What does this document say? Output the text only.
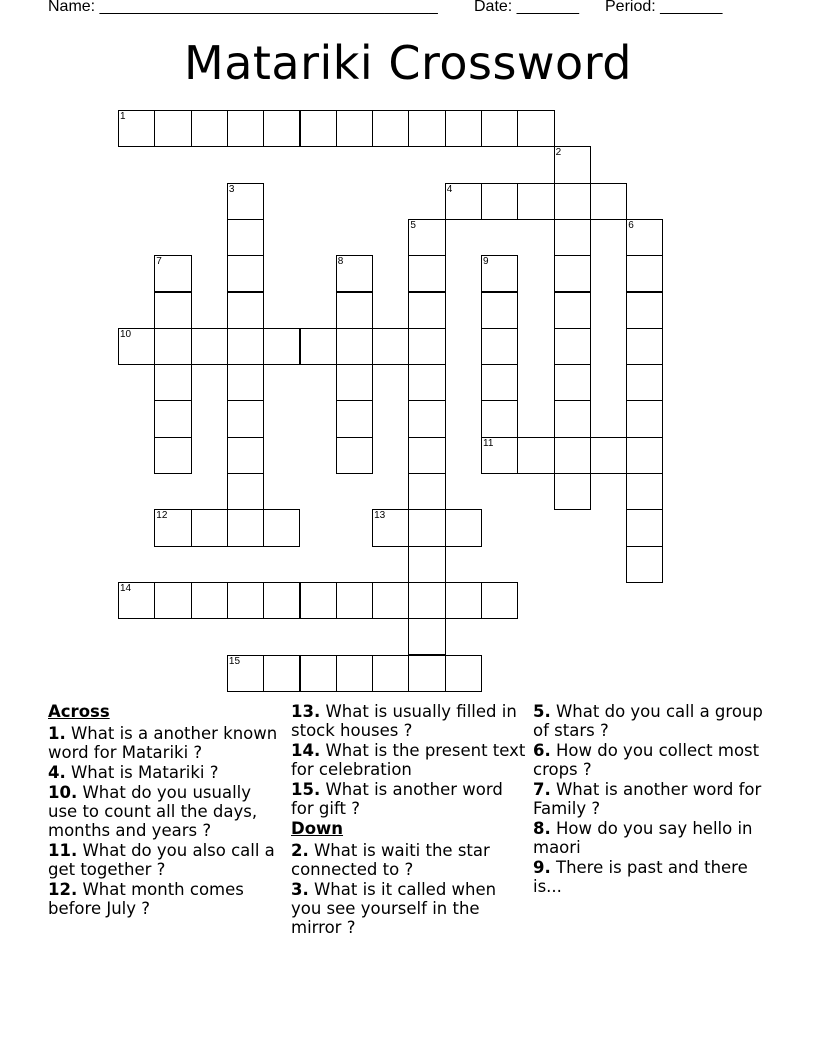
Name: ______________________________________ Date: _______ Period: _______
Matariki Crossword
1
2
3	4
5	6
7	8	9
10
11
12	13
14
15
Across
1. What is a another known word for Matariki ?
4. What is Matariki ?
10. What do you usually use to count all the days, months and years ?
11. What do you also call a get together ?
12. What month comes before July ?
13. What is usually filled in stock houses ?
14. What is the present text for celebration
15. What is another word for gift ?
Down
2. What is waiti the star connected to ?
3. What is it called when you see yourself in the mirror ?
5. What do you call a group of stars ?
6. How do you collect most crops ?
7. What is another word for Family ?
8. How do you say hello in maori
9. There is past and there is...
